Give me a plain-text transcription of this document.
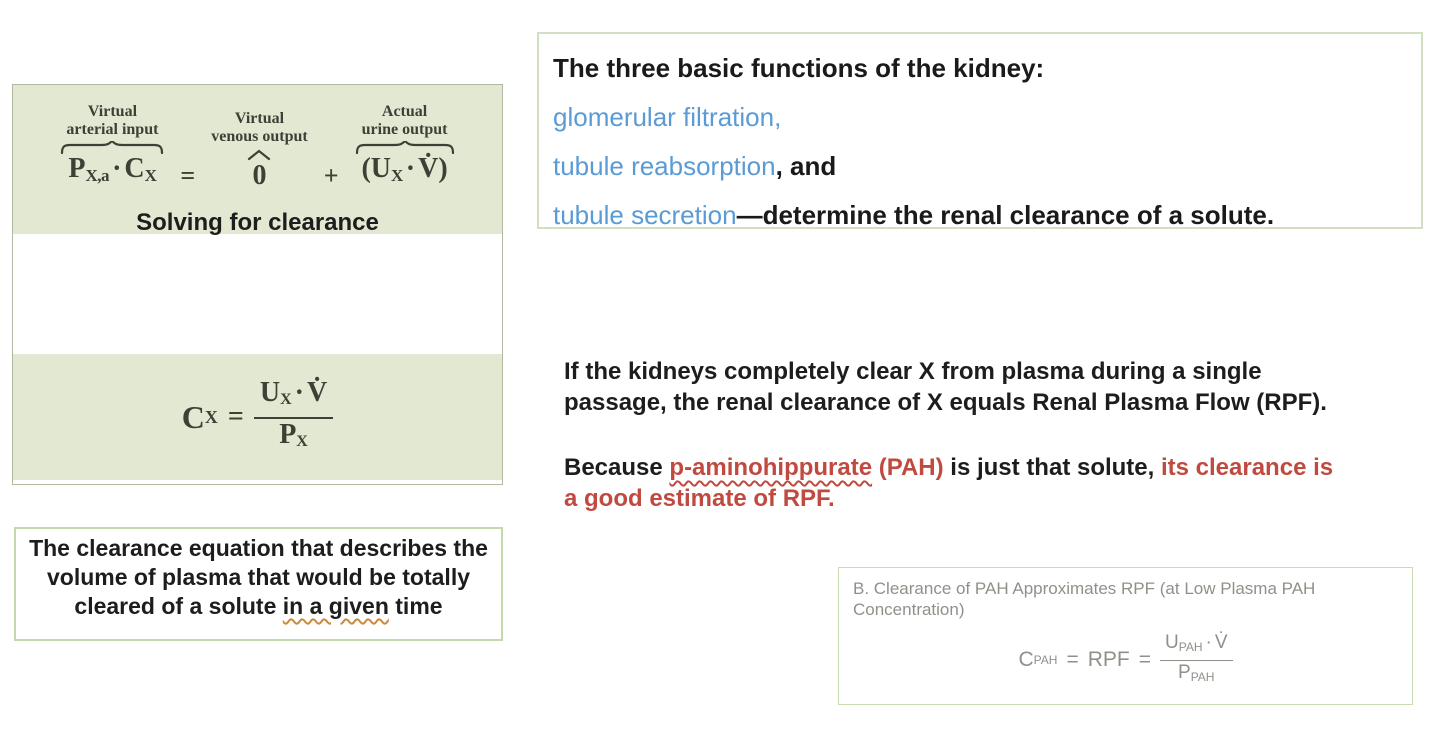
Virtual
arterial input
PX,a · CX =
Virtual
venous output
0	+
Actual
urine output
(UX · V̇)
Solving for clearance
C $X = \frac{UX \cdot V̇}{PX}$
The clearance equation that describes the
volume of plasma that would be totally
cleared of a solute in a given time
The three basic functions of the kidney:
glomerular filtration,
tubule reabsorption, and
tubule secretion—determine the renal clearance of a solute.
If the kidneys completely clear X from plasma during a single
passage, the renal clearance of X equals Renal Plasma Flow (RPF).
Because p-aminohippurate (PAH) is just that solute, its clearance is
a good estimate of RPF.
B. Clearance of PAH Approximates RPF (at Low Plasma PAH
Concentration)
C PAH = RPF = $\frac{\text{UPAH · V̇}}{\text{PPAH}}$
